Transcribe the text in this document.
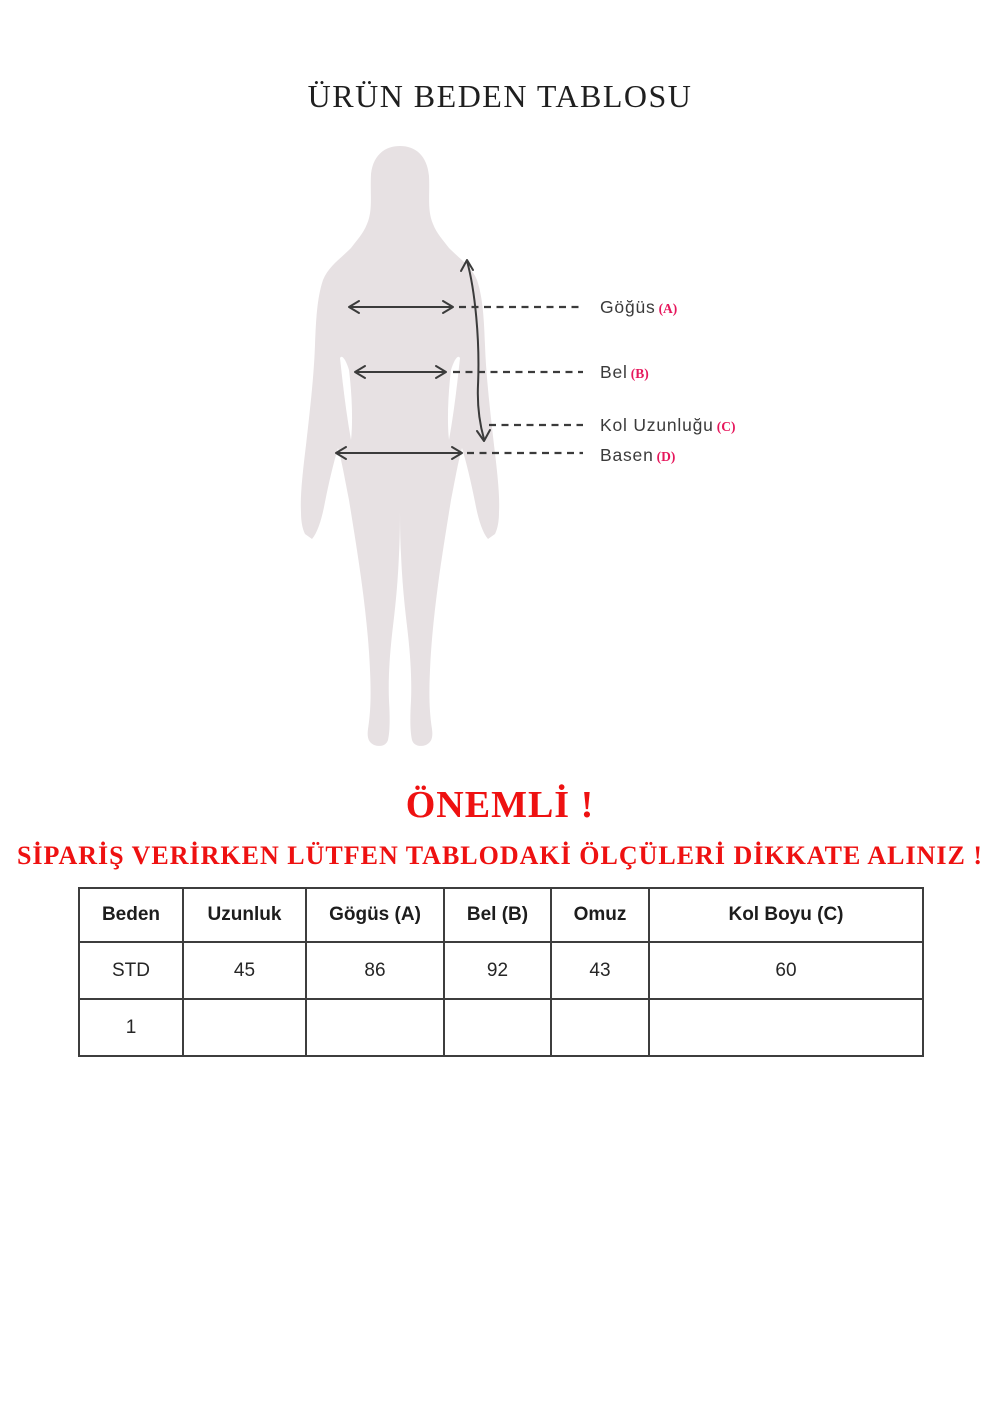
ÜRÜN BEDEN TABLOSU
Göğüs (A)
Bel (B)
Kol Uzunluğu (C)
Basen (D)
ÖNEMLİ !
SİPARİŞ VERİRKEN LÜTFEN TABLODAKİ ÖLÇÜLERİ DİKKATE ALINIZ !
Beden	Uzunluk	Gögüs (A)	Bel (B)	Omuz	Kol Boyu (C)
STD	45	86	92	43	60
1					
